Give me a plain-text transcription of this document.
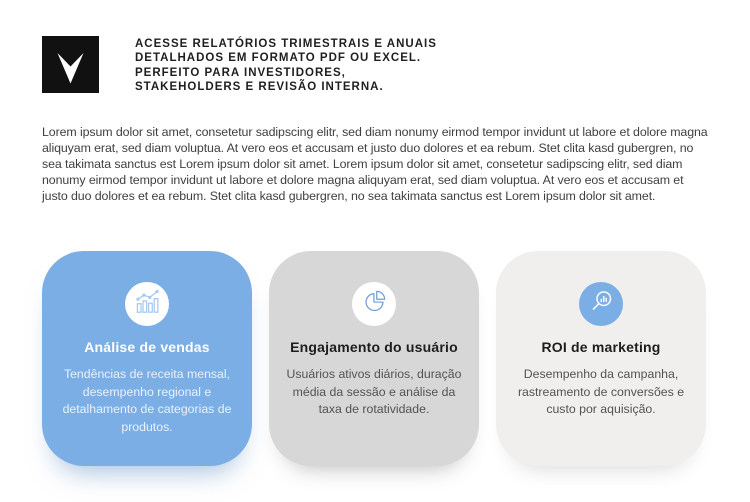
ACESSE RELATÓRIOS TRIMESTRAIS E ANUAIS
DETALHADOS EM FORMATO PDF OU EXCEL.
PERFEITO PARA INVESTIDORES,
STAKEHOLDERS E REVISÃO INTERNA.

Lorem ipsum dolor sit amet, consetetur sadipscing elitr, sed diam nonumy eirmod tempor invidunt ut labore et dolore magna aliquyam erat, sed diam voluptua. At vero eos et accusam et justo duo dolores et ea rebum. Stet clita kasd gubergren, no sea takimata sanctus est Lorem ipsum dolor sit amet. Lorem ipsum dolor sit amet, consetetur sadipscing elitr, sed diam nonumy eirmod tempor invidunt ut labore et dolore magna aliquyam erat, sed diam voluptua. At vero eos et accusam et justo duo dolores et ea rebum. Stet clita kasd gubergren, no sea takimata sanctus est Lorem ipsum dolor sit amet.

Análise de vendas
Tendências de receita mensal, desempenho regional e detalhamento de categorias de produtos.
Engajamento do usuário
Usuários ativos diários, duração média da sessão e análise da taxa de rotatividade.
ROI de marketing
Desempenho da campanha, rastreamento de conversões e custo por aquisição.
